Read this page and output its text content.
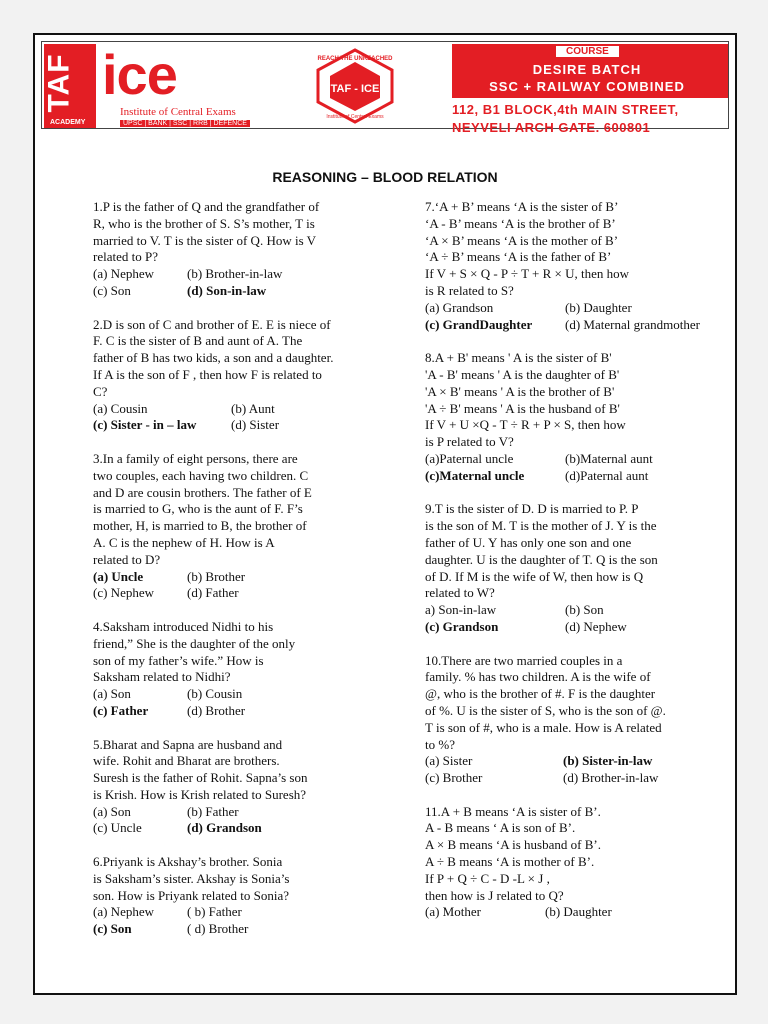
TAF
ACADEMY
ice
Institute of Central Exams
UPSC | BANK | SSC | RRB | DEFENCE
REACH THE UNREACHED
TAF - ICE
Institute of Central Exams
COURSE
DESIRE BATCH
SSC + RAILWAY COMBINED
112, B1 BLOCK,4th MAIN STREET,
NEYVELI ARCH GATE. 600801
REASONING – BLOOD RELATION
1.P is the father of Q and the grandfather of
R, who is the brother of S. S’s mother, T is
married to V. T is the sister of Q. How is V
related to P?
(a) Nephew	(b) Brother-in-law
(c) Son	(d) Son-in-law
2.D is son of C and brother of E. E is niece of
F. C is the sister of B and aunt of A. The
father of B has two kids, a son and a daughter.
If A is the son of F , then how F is related to
C?
(a) Cousin	(b) Aunt
(c) Sister - in – law	(d) Sister
3.In a family of eight persons, there are
two couples, each having two children. C
and D are cousin brothers. The father of E
is married to G, who is the aunt of F. F’s
mother, H, is married to B, the brother of
A. C is the nephew of H. How is A
related to D?
(a) Uncle	(b) Brother
(c) Nephew	(d) Father
4.Saksham introduced Nidhi to his
friend,” She is the daughter of the only
son of my father’s wife.” How is
Saksham related to Nidhi?
(a) Son	(b) Cousin
(c) Father	(d) Brother
5.Bharat and Sapna are husband and
wife. Rohit and Bharat are brothers.
Suresh is the father of Rohit. Sapna’s son
is Krish. How is Krish related to Suresh?
(a) Son	(b) Father
(c) Uncle	(d) Grandson
6.Priyank is Akshay’s brother. Sonia
is Saksham’s sister. Akshay is Sonia’s
son. How is Priyank related to Sonia?
(a) Nephew	( b) Father
(c) Son	( d) Brother
7.‘A + B’ means ‘A is the sister of B’
‘A - B’ means ‘A is the brother of B’
‘A × B’ means ‘A is the mother of B’
‘A ÷ B’ means ‘A is the father of B’
If V + S × Q - P ÷ T + R × U, then how
is R related to S?
(a) Grandson	(b) Daughter
(c) GrandDaughter	(d) Maternal grandmother
8.A + B' means ' A is the sister of B'
'A - B' means ' A is the daughter of B'
'A × B' means ' A is the brother of B'
'A ÷ B' means ' A is the husband of B'
If V + U ×Q - T ÷ R + P × S, then how
is P related to V?
(a)Paternal uncle	(b)Maternal aunt
(c)Maternal uncle	(d)Paternal aunt
9.T is the sister of D. D is married to P. P
is the son of M. T is the mother of J. Y is the
father of U. Y has only one son and one
daughter. U is the daughter of T. Q is the son
of D. If M is the wife of W, then how is Q
related to W?
a) Son-in-law	(b) Son
(c) Grandson	(d) Nephew
10.There are two married couples in a
family. % has two children. A is the wife of
@, who is the brother of #. F is the daughter
of %. U is the sister of S, who is the son of @.
T is son of #, who is a male. How is A related
to %?
(a) Sister	(b) Sister-in-law
(c) Brother	(d) Brother-in-law
11.A + B means ‘A is sister of B’.
A - B means ‘ A is son of B’.
A × B means ‘A is husband of B’.
A ÷ B means ‘A is mother of B’.
If P + Q ÷ C - D -L × J ,
then how is J related to Q?
(a) Mother	(b) Daughter
